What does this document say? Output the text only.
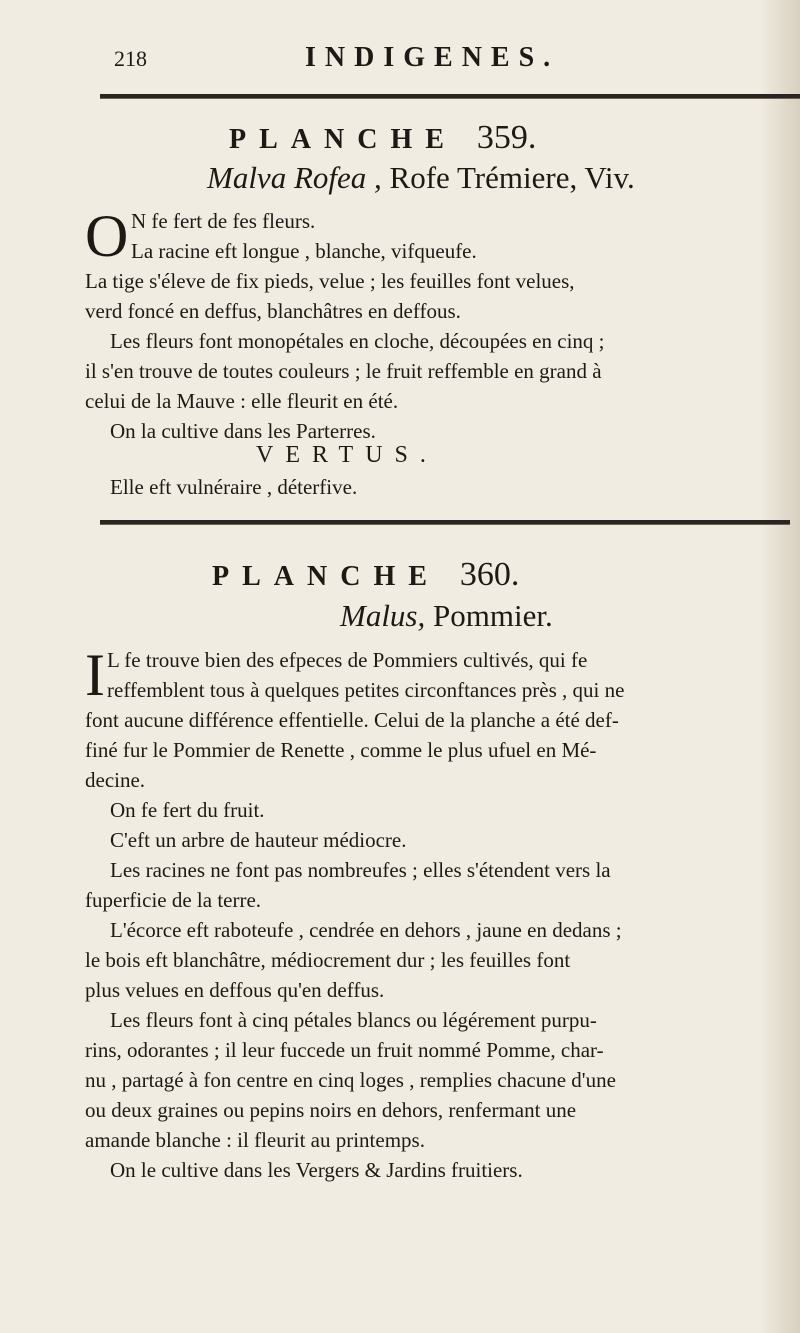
218	INDIGENES.
PLANCHE 359.
Malva Rofea , Rofe Trémiere, Viv.
O N fe fert de fes fleurs.
La racine eft longue , blanche, vifqueufe.
La tige s'éleve de fix pieds, velue ; les feuilles font velues,
verd foncé en deffus, blanchâtres en deffous.
Les fleurs font monopétales en cloche, découpées en cinq ;
il s'en trouve de toutes couleurs ; le fruit reffemble en grand à
celui de la Mauve : elle fleurit en été.
On la cultive dans les Parterres.
VERTUS.
Elle eft vulnéraire , déterfive.
PLANCHE 360.
Malus, Pommier.
I L fe trouve bien des efpeces de Pommiers cultivés, qui fe
reffemblent tous à quelques petites circonftances près , qui ne
font aucune différence effentielle. Celui de la planche a été def-
finé fur le Pommier de Renette , comme le plus ufuel en Mé-
decine.
On fe fert du fruit.
C'eft un arbre de hauteur médiocre.
Les racines ne font pas nombreufes ; elles s'étendent vers la
fuperficie de la terre.
L'écorce eft raboteufe , cendrée en dehors , jaune en dedans ;
le bois eft blanchâtre, médiocrement dur ; les feuilles font
plus velues en deffous qu'en deffus.
Les fleurs font à cinq pétales blancs ou légérement purpu-
rins, odorantes ; il leur fuccede un fruit nommé Pomme, char-
nu , partagé à fon centre en cinq loges , remplies chacune d'une
ou deux graines ou pepins noirs en dehors, renfermant une
amande blanche : il fleurit au printemps.
On le cultive dans les Vergers & Jardins fruitiers.
